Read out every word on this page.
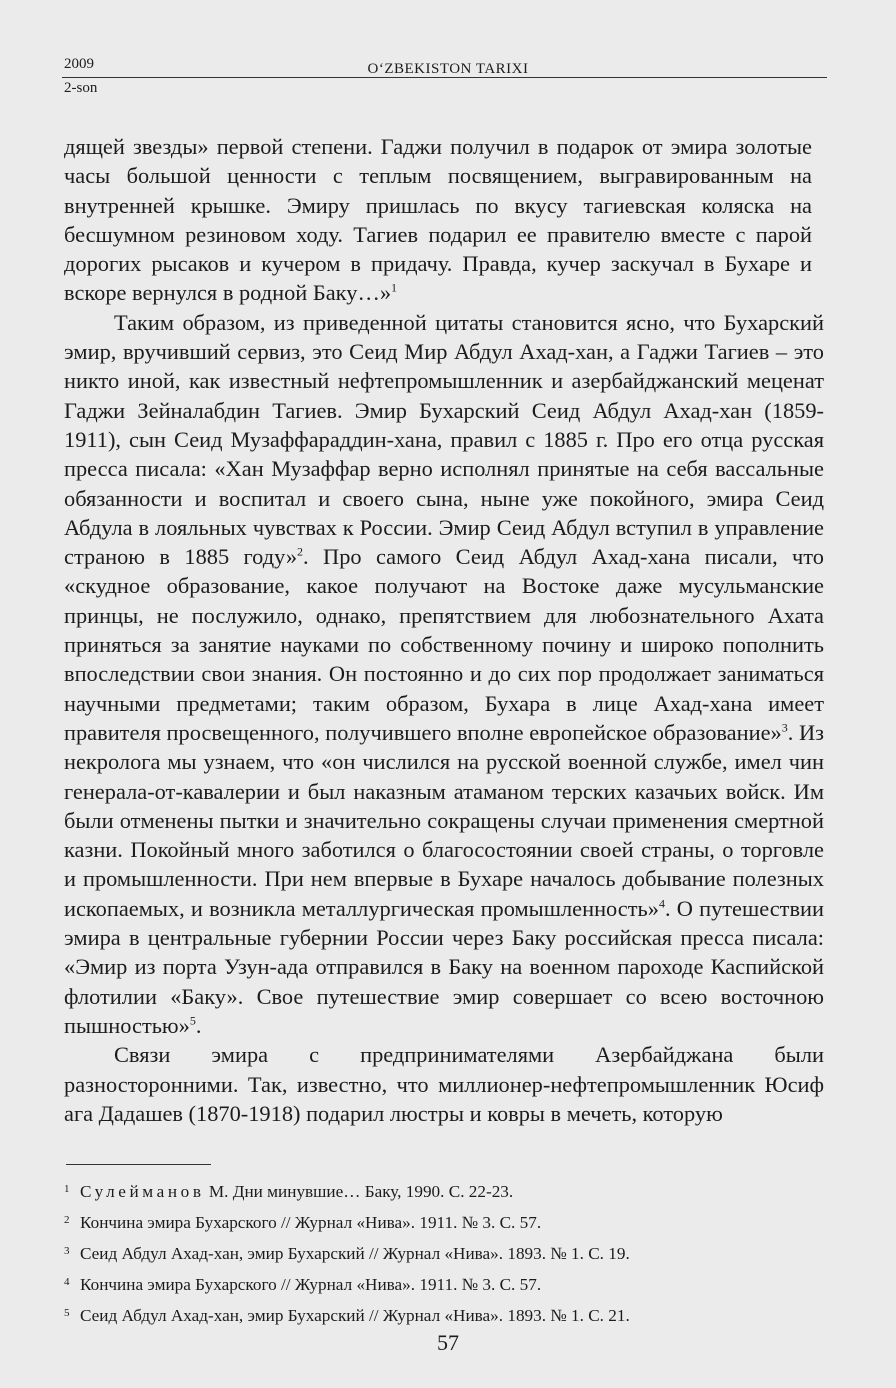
2009	O‘ZBEKISTON TARIXI
2-son

дящей звезды» первой степени. Гаджи получил в подарок от эмира золотые часы большой ценности с теплым посвящением, выгравированным на внутренней крышке. Эмиру пришлась по вкусу тагиевская коляска на бесшумном резиновом ходу. Тагиев подарил ее правителю вместе с парой дорогих рысаков и кучером в придачу. Правда, кучер заскучал в Бухаре и вскоре вернулся в родной Баку…»$^1$

Таким образом, из приведенной цитаты становится ясно, что Бухарский эмир, вручивший сервиз, это Сеид Мир Абдул Ахад-хан, а Гаджи Тагиев – это никто иной, как известный нефтепромышленник и азербайджанский меценат Гаджи Зейналабдин Тагиев. Эмир Бухарский Сеид Абдул Ахад-хан (1859-1911), сын Сеид Музаффараддин-хана, правил с 1885 г. Про его отца русская пресса писала: «Хан Музаффар верно исполнял принятые на себя вассальные обязанности и воспитал и своего сына, ныне уже покойного, эмира Сеид Абдула в лояльных чувствах к России. Эмир Сеид Абдул вступил в управление страною в 1885 году»$^2$. Про самого Сеид Абдул Ахад-хана писали, что «скудное образование, какое получают на Востоке даже мусульманские принцы, не послужило, однако, препятствием для любознательного Ахата приняться за занятие науками по собственному почину и широко пополнить впоследствии свои знания. Он постоянно и до сих пор продолжает заниматься научными предметами; таким образом, Бухара в лице Ахад-хана имеет правителя просвещенного, получившего вполне европейское образование»$^3$. Из некролога мы узнаем, что «он числился на русской военной службе, имел чин генерала-от-кавалерии и был наказным атаманом терских казачьих войск. Им были отменены пытки и значительно сокращены случаи применения смертной казни. Покойный много заботился о благосостоянии своей страны, о торговле и промышленности. При нем впервые в Бухаре началось добывание полезных ископаемых, и возникла металлургическая промышленность»$^4$. О путешествии эмира в центральные губернии России через Баку российская пресса писала: «Эмир из порта Узун-ада отправился в Баку на военном пароходе Каспийской флотилии «Баку». Свое путешествие эмир совершает со всею восточною пышностью»$^5$.

Связи эмира с предпринимателями Азербайджана были разносторонними. Так, известно, что миллионер-нефтепромышленник Юсиф ага Дадашев (1870-1918) подарил люстры и ковры в мечеть, которую

1 Сулейманов М. Дни минувшие… Баку, 1990. С. 22-23.

2 Кончина эмира Бухарского // Журнал «Нива». 1911. № 3. С. 57.

3 Сеид Абдул Ахад-хан, эмир Бухарский // Журнал «Нива». 1893. № 1. С. 19.

4 Кончина эмира Бухарского // Журнал «Нива». 1911. № 3. С. 57.

5 Сеид Абдул Ахад-хан, эмир Бухарский // Журнал «Нива». 1893. № 1. С. 21.

57
